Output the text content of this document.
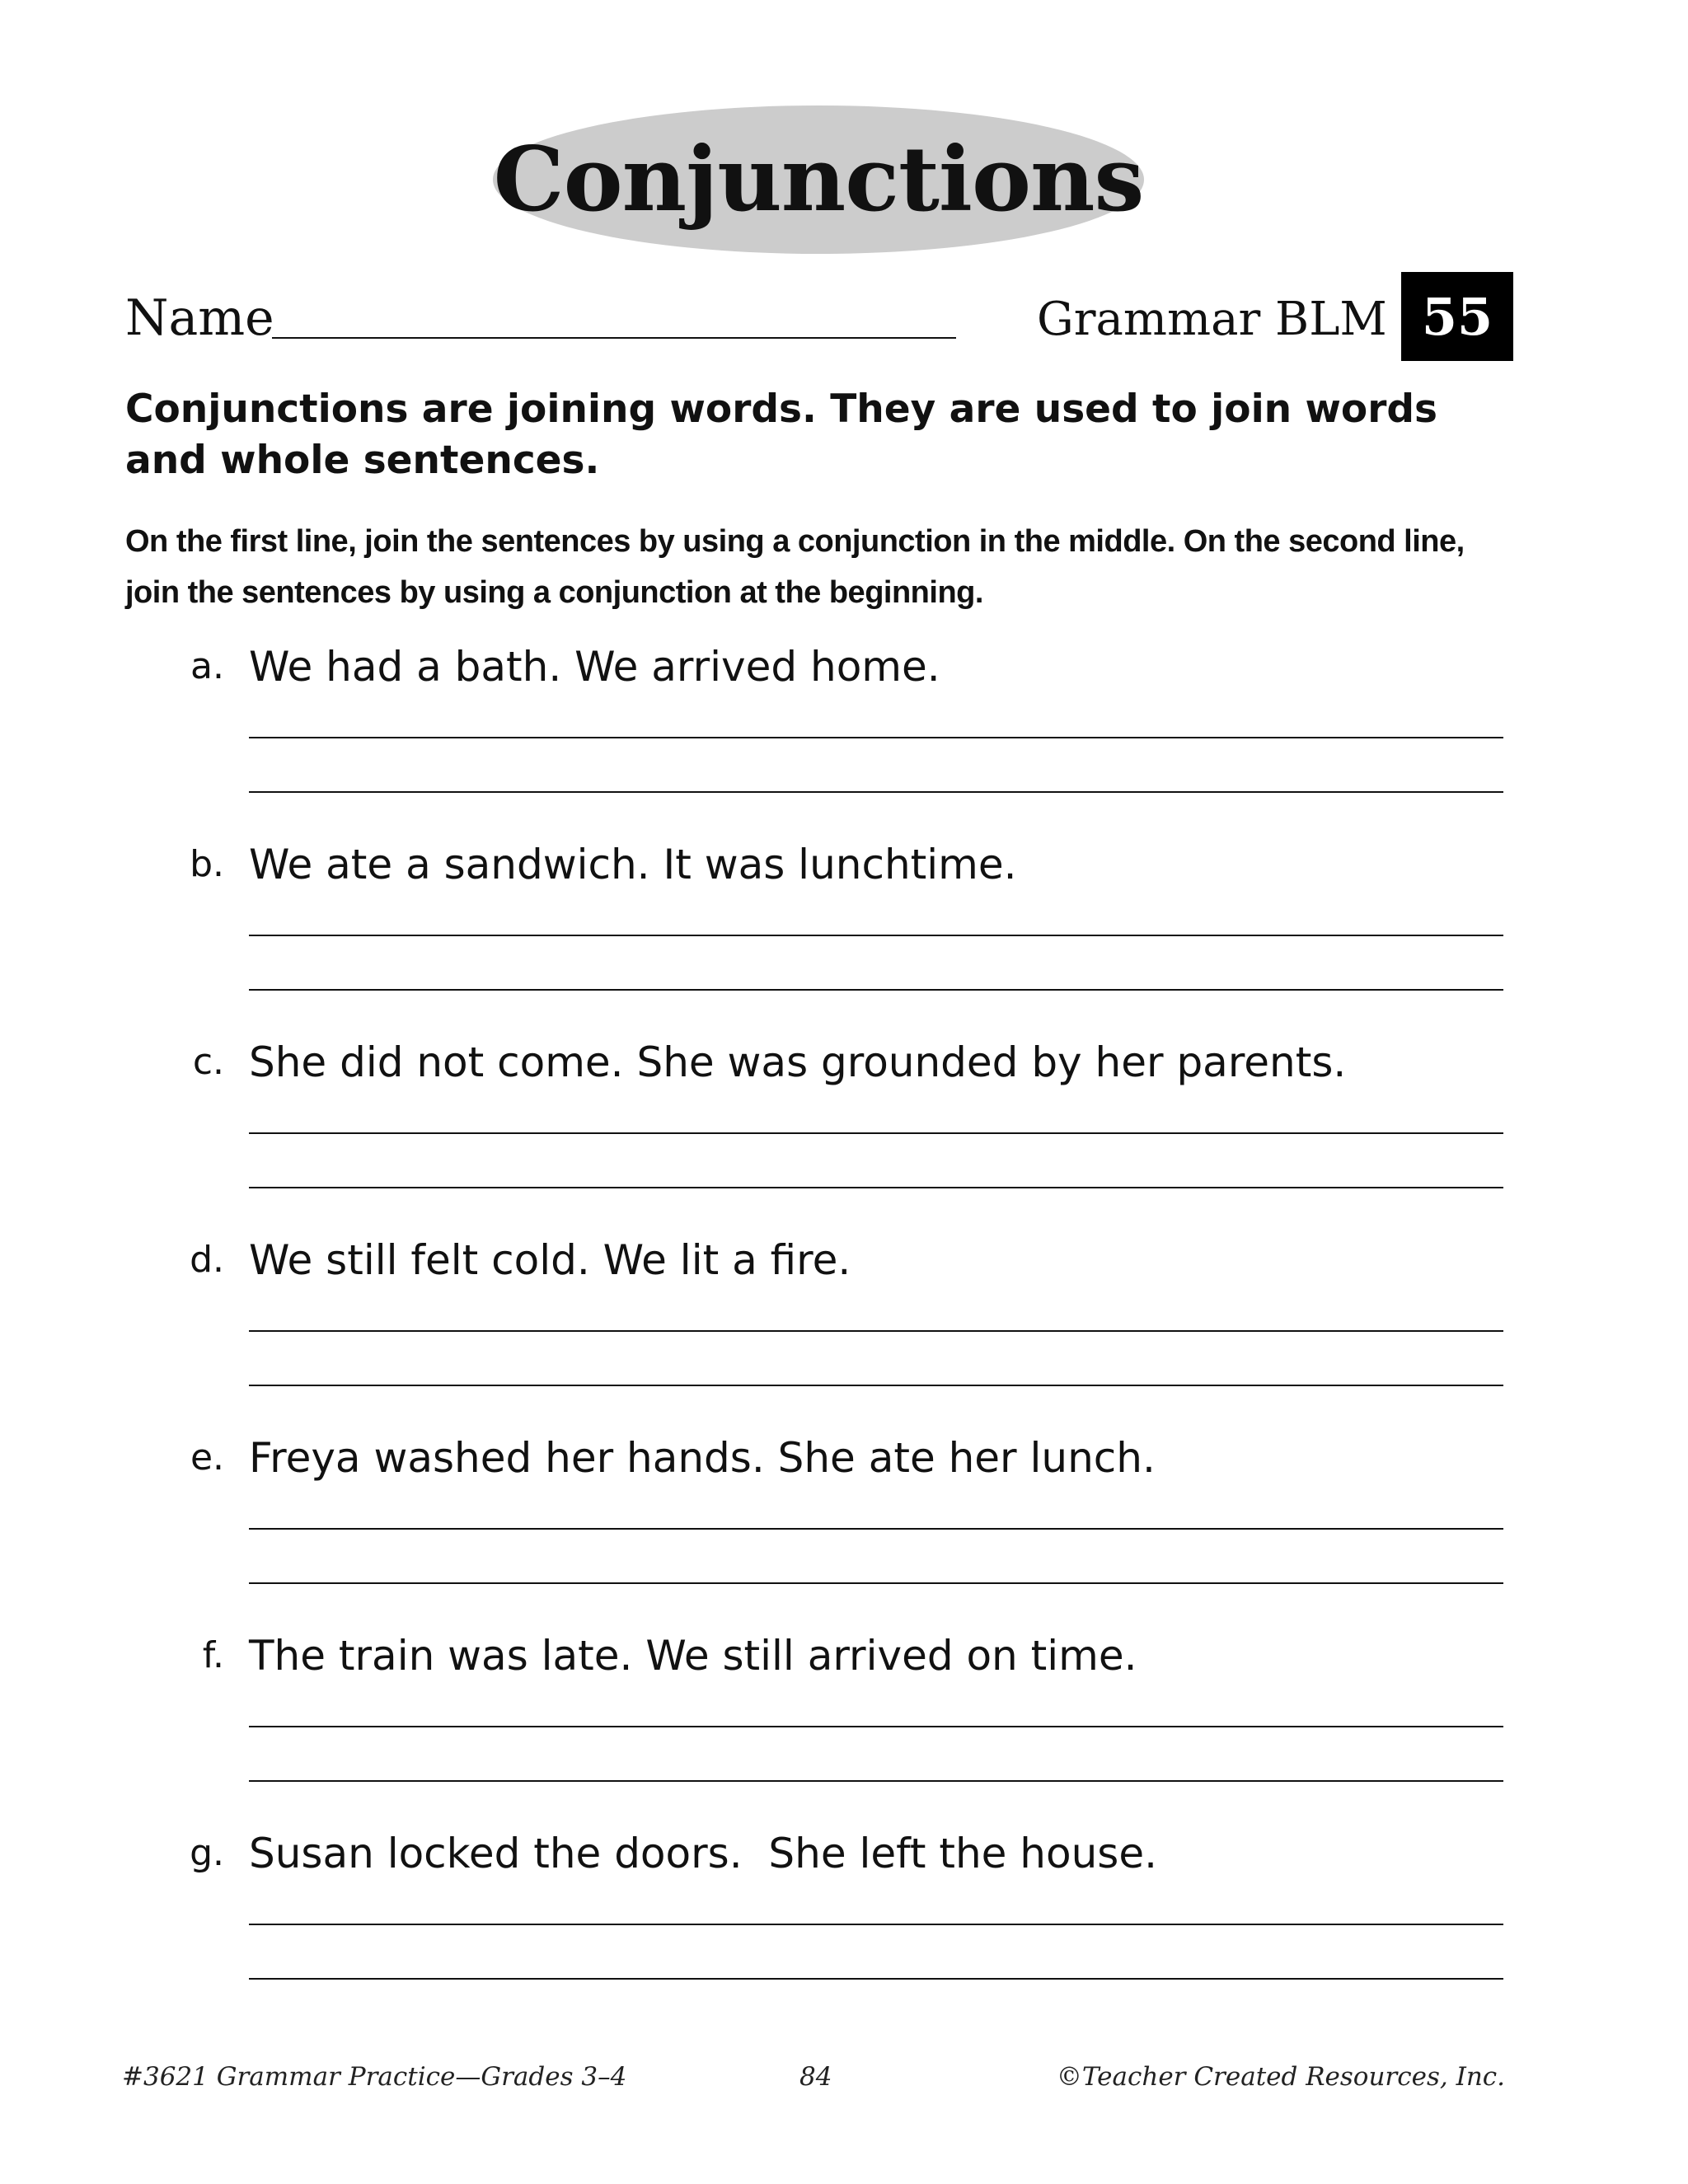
Conjunctions
Name	Grammar BLM 55

Conjunctions are joining words. They are used to join words and whole sentences.

On the first line, join the sentences by using a conjunction in the middle. On the second line, join the sentences by using a conjunction at the beginning.

a. We had a bath. We arrived home.
b. We ate a sandwich. It was lunchtime.
c. She did not come. She was grounded by her parents.
d. We still felt cold. We lit a fire.
e. Freya washed her hands. She ate her lunch.
f. The train was late. We still arrived on time.
g. Susan locked the doors.  She left the house.
#3621 Grammar Practice—Grades 3–4	84	©Teacher Created Resources, Inc.
